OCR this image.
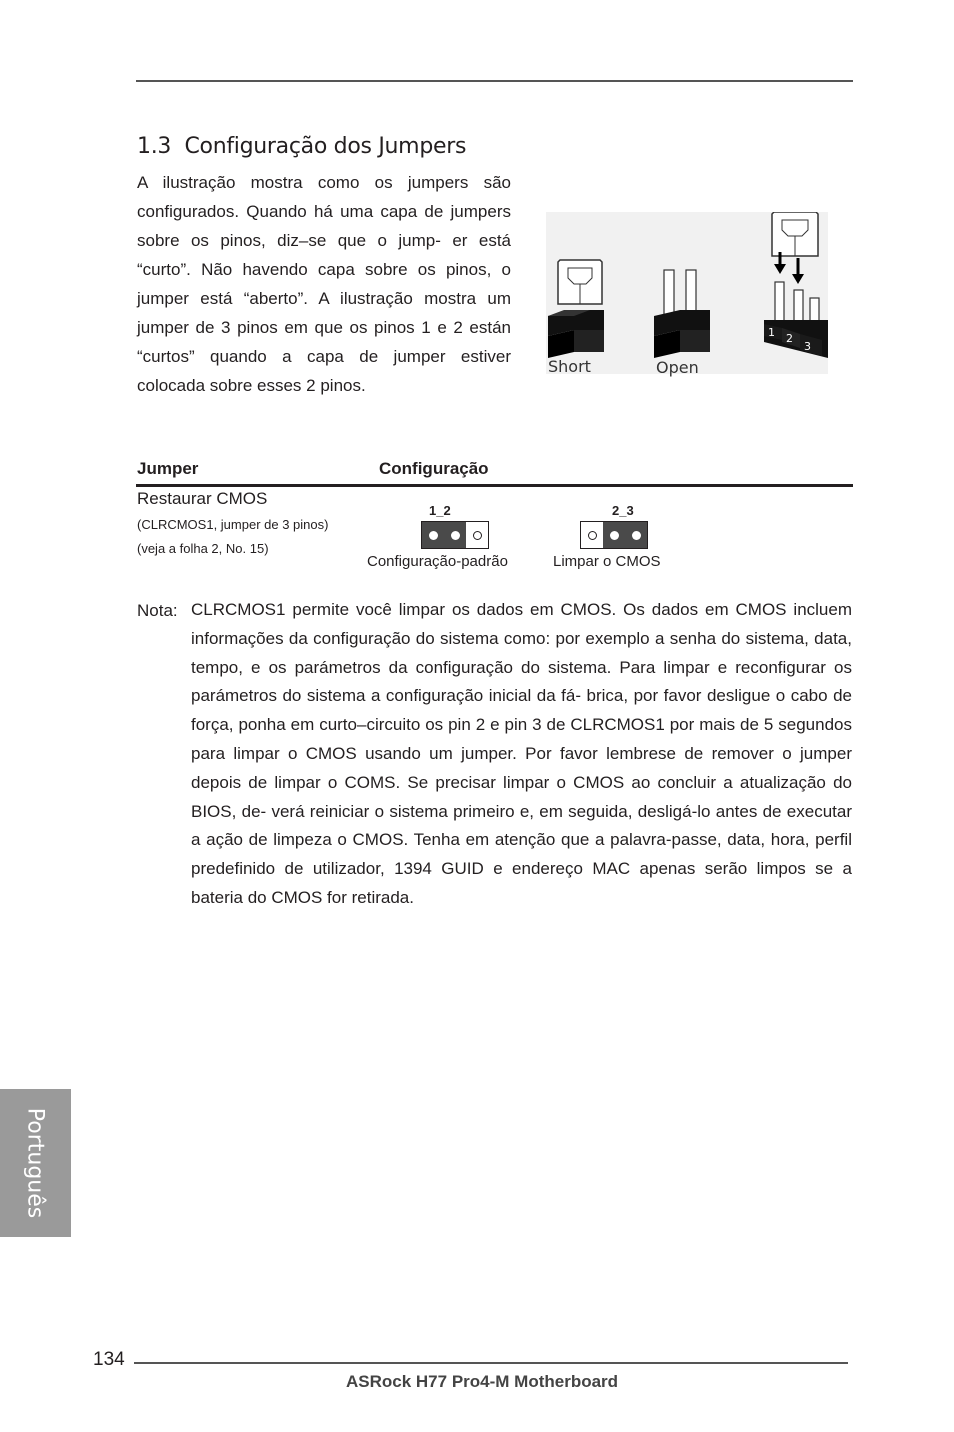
1.3 Configuração dos Jumpers
A ilustração mostra como os jumpers são configurados. Quando há uma capa de jumpers sobre os pinos, diz–se que o jump- er está “curto”. Não havendo capa sobre os pinos, o jumper está “aberto”. A ilustração mostra um jumper de 3 pinos em que os pinos 1 e 2 están “curtos” quando a capa de jumper estiver colocada sobre esses 2 pinos.
1 2
3
Short	Open
Jumper	Configuração
Restaurar CMOS
(CLRCMOS1, jumper de 3 pinos)
(veja a folha 2, No. 15)
1_2
Configuração-padrão
2_3
Limpar o CMOS
Nota: CLRCMOS1 permite você limpar os dados em CMOS. Os dados em CMOS incluem informações da configuração do sistema como: por exemplo a senha do sistema, data, tempo, e os parámetros da configuração do sistema. Para limpar e reconfigurar os parámetros do sistema a configuração inicial da fá- brica, por favor desligue o cabo de força, ponha em curto–circuito os pin 2 e pin 3 de CLRCMOS1 por mais de 5 segundos para limpar o CMOS usando um jumper. Por favor lembrese de remover o jumper depois de limpar o COMS. Se precisar limpar o CMOS ao concluir a atualização do BIOS, de- verá reiniciar o sistema primeiro e, em seguida, desligá-lo antes de executar a ação de limpeza o CMOS. Tenha em atenção que a palavra-passe, data, hora, perfil predefinido de utilizador, 1394 GUID e endereço MAC apenas serão limpos se a bateria do CMOS for retirada.
Português
134
ASRock H77 Pro4-M Motherboard
